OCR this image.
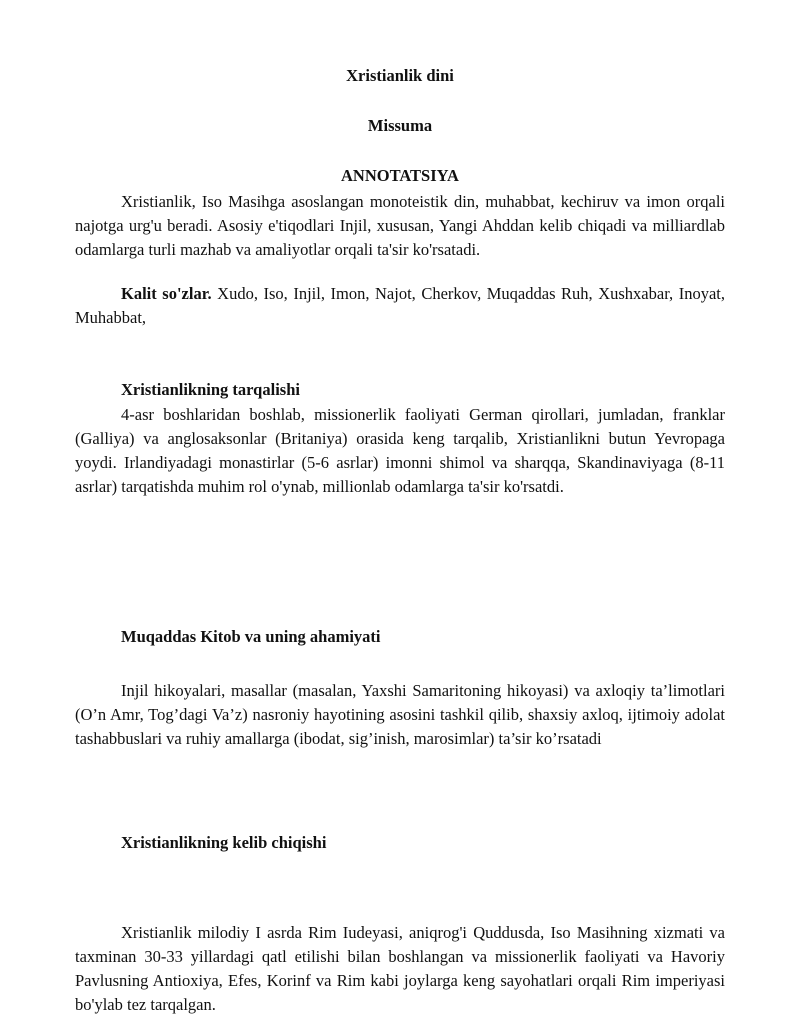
Xristianlik dini
Missuma
ANNOTATSIYA

Xristianlik, Iso Masihga asoslangan monoteistik din, muhabbat, kechiruv va imon orqali najotga urg'u beradi. Asosiy e'tiqodlari Injil, xususan, Yangi Ahddan kelib chiqadi va milliardlab odamlarga turli mazhab va amaliyotlar orqali ta'sir ko'rsatadi.

Kalit so'zlar. Xudo, Iso, Injil, Imon, Najot, Cherkov, Muqaddas Ruh, Xushxabar, Inoyat, Muhabbat,

Xristianlikning tarqalishi

4-asr boshlaridan boshlab, missionerlik faoliyati German qirollari, jumladan, franklar (Galliya) va anglosaksonlar (Britaniya) orasida keng tarqalib, Xristianlikni butun Yevropaga yoydi. Irlandiyadagi monastirlar (5-6 asrlar) imonni shimol va sharqqa, Skandinaviyaga (8-11 asrlar) tarqatishda muhim rol o'ynab, millionlab odamlarga ta'sir ko'rsatdi.

Muqaddas Kitob va uning ahamiyati

Injil hikoyalari, masallar (masalan, Yaxshi Samaritoning hikoyasi) va axloqiy ta’limotlari (O’n Amr, Tog’dagi Va’z) nasroniy hayotining asosini tashkil qilib, shaxsiy axloq, ijtimoiy adolat tashabbuslari va ruhiy amallarga (ibodat, sig’inish, marosimlar) ta’sir ko’rsatadi

Xristianlikning kelib chiqishi

Xristianlik milodiy I asrda Rim Iudeyasi, aniqrog'i Quddusda, Iso Masihning xizmati va taxminan 30-33 yillardagi qatl etilishi bilan boshlangan va missionerlik faoliyati va Havoriy Pavlusning Antioxiya, Efes, Korinf va Rim kabi joylarga keng sayohatlari orqali Rim imperiyasi bo'ylab tez tarqalgan.
